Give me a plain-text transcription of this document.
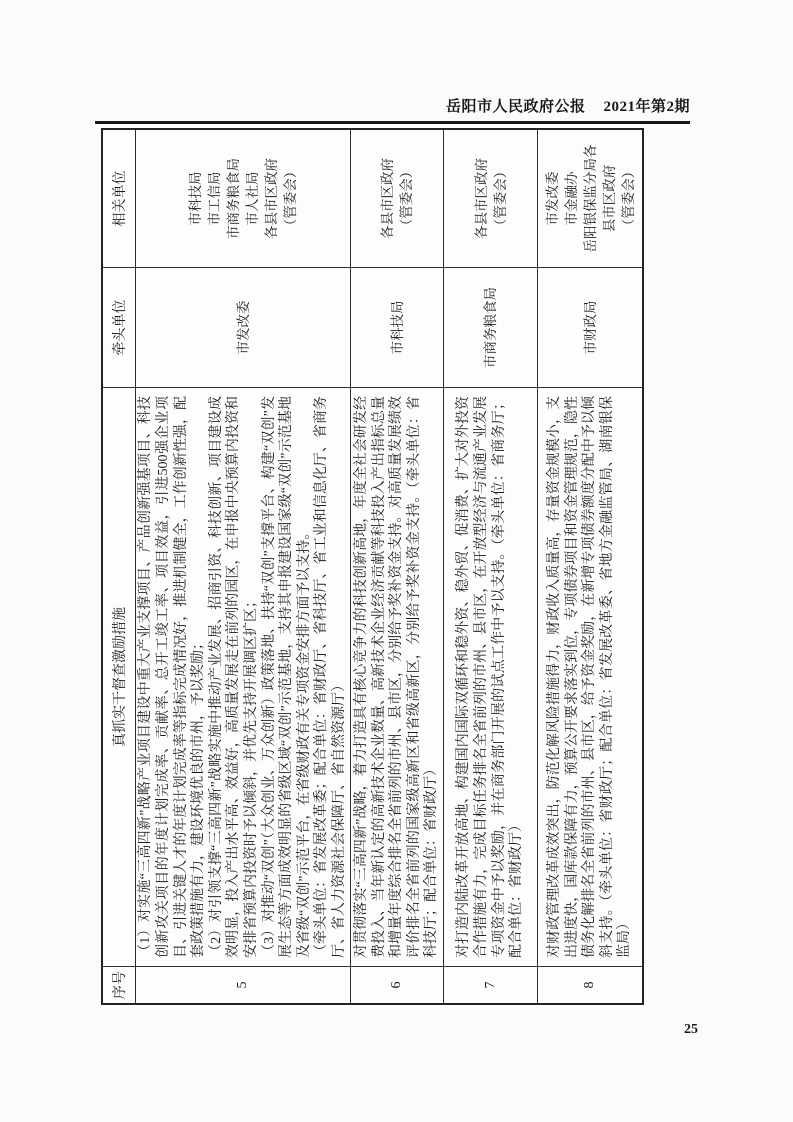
岳阳市人民政府公报 2021年第2期
序号
真抓实干督查激励措施
牵头单位
相关单位
5

（1）对实施“三高四新”战略产业项目建设中重大产业支撑项目、产品创新强基项目、科技创新攻关项目的年度计划完成率、贡献率、总开工竣工率、项目效益，引进500强企业项目、引进关键人才的年度计划完成率等指标完成情况好，推进机制健全，工作创新性强，配套政策措施有力，建设环境优良的市州，予以奖励； （2）对引领支撑“三高四新”战略实施中推动产业发展、招商引资、科技创新、项目建设成效明显，投入产出水平高、效益好，高质量发展走在前列的园区，在申报中央预算内投资和安排省预算内投资时予以倾斜，并优先支持开展调区扩区； （3）对推动“双创”（大众创业、万众创新）政策落地、扶持“双创”支撑平台、构建“双创”发展生态等方面成效明显的省级区域“双创”示范基地，支持其申报建设国家级“双创”示范基地及省级“双创”示范平台，在省级财政有关专项资金安排方面予以支持。 （牵头单位：省发展改革委；配合单位：省财政厅、省科技厅、省工业和信息化厅、省商务厅、省人力资源社会保障厅、省自然资源厅）

市发改委
市科技局 市工信局 市商务粮食局 市人社局 各县市区政府 （管委会）
6

对贯彻落实“三高四新”战略，着力打造具有核心竞争力的科技创新高地，年度全社会研发经费投入、当年新认定的高新技术企业数量、高新技术企业经济贡献等科技投入产出指标总量和增量年度综合排名全省前列的市州、县市区，分别给予奖补资金支持。对高质量发展绩效评价排名全省前列的国家级高新区和省级高新区，分别给予奖补资金支持。（牵头单位：省科技厅；配合单位：省财政厅）

市科技局
各县市区政府 （管委会）
7

对打造内陆改革开放高地、构建国内国际双循环和稳外资、稳外贸、促消费、扩大对外投资合作措施有力，完成目标任务排名全省前列的市州、县市区，在开放型经济与流通产业发展专项资金中予以奖励，并在商务部门开展的试点工作中予以支持。（牵头单位：省商务厅；配合单位：省财政厅）

市商务粮食局
各县市区政府 （管委会）
8

对财政管理改革成效突出，防范化解风险措施得力，财政收入质量高，存量资金规模小，支出进度快，国库款保障有力，预算公开要求落实到位，专项债券项目和资金管理规范，隐性债务化解排名全省前列的市州、县市区，给予资金奖励，在新增专项债券额度分配中予以倾斜支持。（牵头单位：省财政厅；配合单位：省发展改革委、省地方金融监管局、湖南银保监局）

市财政局
市发改委 市金融办 岳阳银保监分局各 县市区政府 （管委会）
25
